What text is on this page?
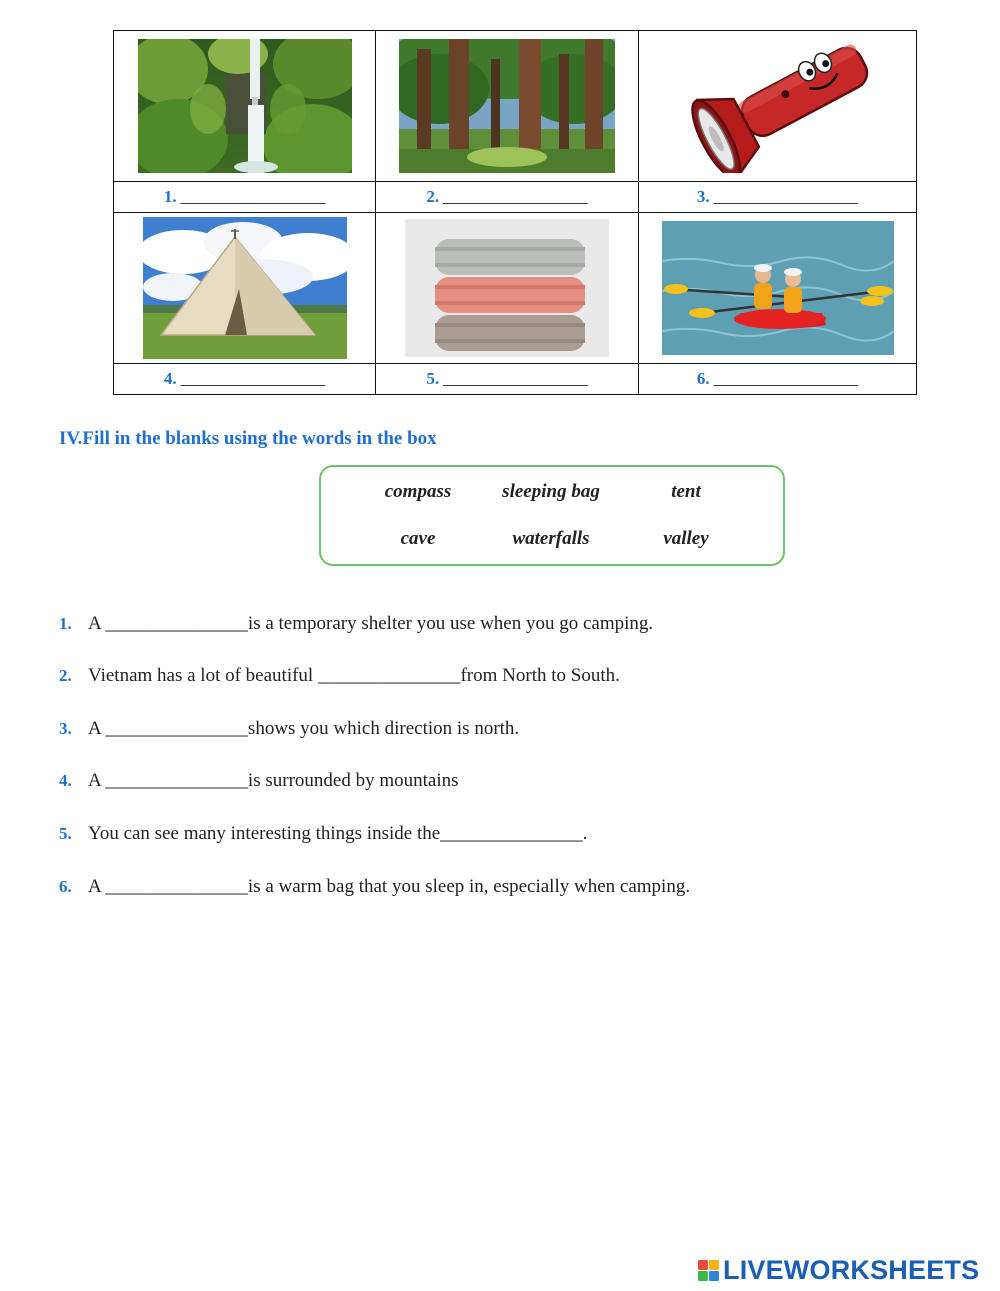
1. _________________	2. _________________	3. _________________

4. _________________	5. _________________	6. _________________
IV.Fill in the blanks using the words in the box
compass	sleeping bag	tent
cave	waterfalls	valley
1. A _______________is a temporary shelter you use when you go camping.
2. Vietnam has a lot of beautiful _______________from North to South.
3. A _______________shows you which direction is north.
4. A _______________is surrounded by mountains
5. You can see many interesting things inside the_______________.
6. A _______________is a warm bag that you sleep in, especially when camping.
LIVEWORKSHEETS
